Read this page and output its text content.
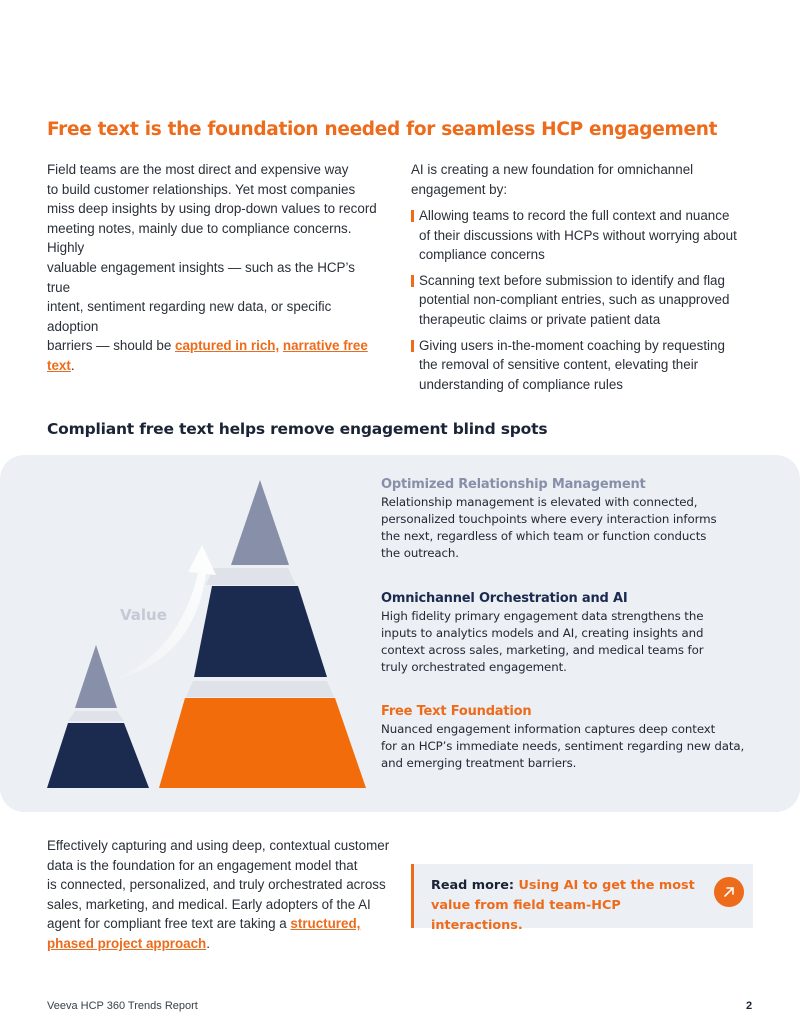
Free text is the foundation needed for seamless HCP engagement
Field teams are the most direct and expensive way
to build customer relationships. Yet most companies
miss deep insights by using drop-down values to record
meeting notes, mainly due to compliance concerns. Highly
valuable engagement insights — such as the HCP’s true
intent, sentiment regarding new data, or specific adoption
barriers — should be captured in rich, narrative free text.
AI is creating a new foundation for omnichannel
engagement by:
Allowing teams to record the full context and nuance
of their discussions with HCPs without worrying about
compliance concerns
Scanning text before submission to identify and flag
potential non-compliant entries, such as unapproved
therapeutic claims or private patient data
Giving users in-the-moment coaching by requesting
the removal of sensitive content, elevating their
understanding of compliance rules
Compliant free text helps remove engagement blind spots
Value
Optimized Relationship Management

Relationship management is elevated with connected,
personalized touchpoints where every interaction informs
the next, regardless of which team or function conducts
the outreach.

Omnichannel Orchestration and AI

High fidelity primary engagement data strengthens the
inputs to analytics models and AI, creating insights and
context across sales, marketing, and medical teams for
truly orchestrated engagement.

Free Text Foundation

Nuanced engagement information captures deep context
for an HCP’s immediate needs, sentiment regarding new data,
and emerging treatment barriers.

Effectively capturing and using deep, contextual customer
data is the foundation for an engagement model that
is connected, personalized, and truly orchestrated across
sales, marketing, and medical. Early adopters of the AI
agent for compliant free text are taking a structured,
phased project approach.
Read more: Using AI to get the most
value from field team-HCP interactions.
Veeva HCP 360 Trends Report	2
